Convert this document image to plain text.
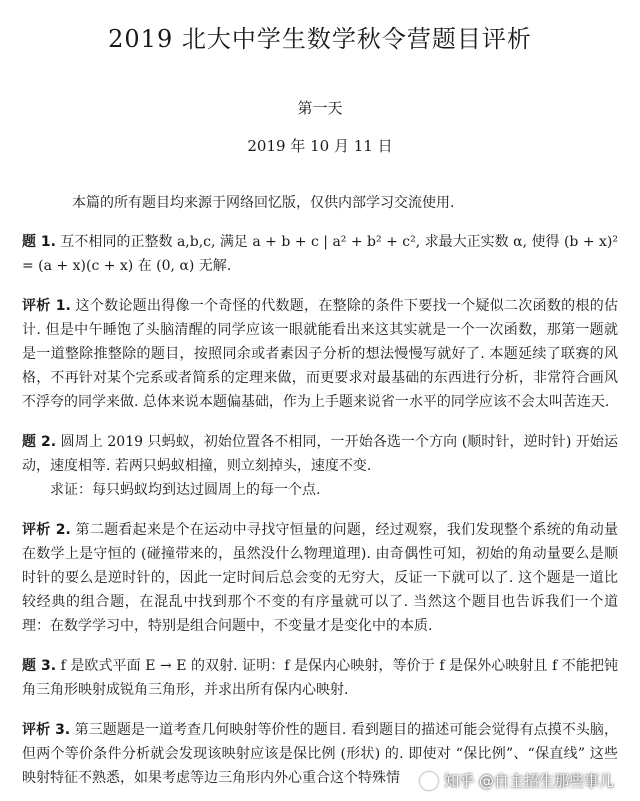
2019 北大中学生数学秋令营题目评析
第一天
2019 年 10 月 11 日
本篇的所有题目均来源于网络回忆版，仅供内部学习交流使用.
题 1. 互不相同的正整数 a,b,c, 满足 a + b + c | a² + b² + c², 求最大正实数 α, 使得 (b + x)² = (a + x)(c + x) 在 (0, α) 无解.
评析 1. 这个数论题出得像一个奇怪的代数题，在整除的条件下要找一个疑似二次函数的根的估计. 但是中午睡饱了头脑清醒的同学应该一眼就能看出来这其实就是一个一次函数，那第一题就是一道整除推整除的题目，按照同余或者素因子分析的想法慢慢写就好了. 本题延续了联赛的风格，不再针对某个完系或者简系的定理来做，而更要求对最基础的东西进行分析，非常符合画风不浮夸的同学来做. 总体来说本题偏基础，作为上手题来说省一水平的同学应该不会太叫苦连天.
题 2. 圆周上 2019 只蚂蚁，初始位置各不相同，一开始各选一个方向 (顺时针，逆时针) 开始运动，速度相等. 若两只蚂蚁相撞，则立刻掉头，速度不变.
求证：每只蚂蚁均到达过圆周上的每一个点.
评析 2. 第二题看起来是个在运动中寻找守恒量的问题，经过观察，我们发现整个系统的角动量在数学上是守恒的 (碰撞带来的，虽然没什么物理道理). 由奇偶性可知，初始的角动量要么是顺时针的要么是逆时针的，因此一定时间后总会变的无穷大，反证一下就可以了. 这个题是一道比较经典的组合题，在混乱中找到那个不变的有序量就可以了. 当然这个题目也告诉我们一个道理：在数学学习中，特别是组合问题中，不变量才是变化中的本质.
题 3. f 是欧式平面 E → E 的双射. 证明：f 是保内心映射，等价于 f 是保外心映射且 f 不能把钝角三角形映射成锐角三角形，并求出所有保内心映射.
评析 3. 第三题题是一道考查几何映射等价性的题目. 看到题目的描述可能会觉得有点摸不头脑，但两个等价条件分析就会发现该映射应该是保比例 (形状) 的. 即使对 “保比例”、“保直线” 这些映射特征不熟悉，如果考虑等边三角形内外心重合这个特殊情	知乎 @自主招生那些事儿
